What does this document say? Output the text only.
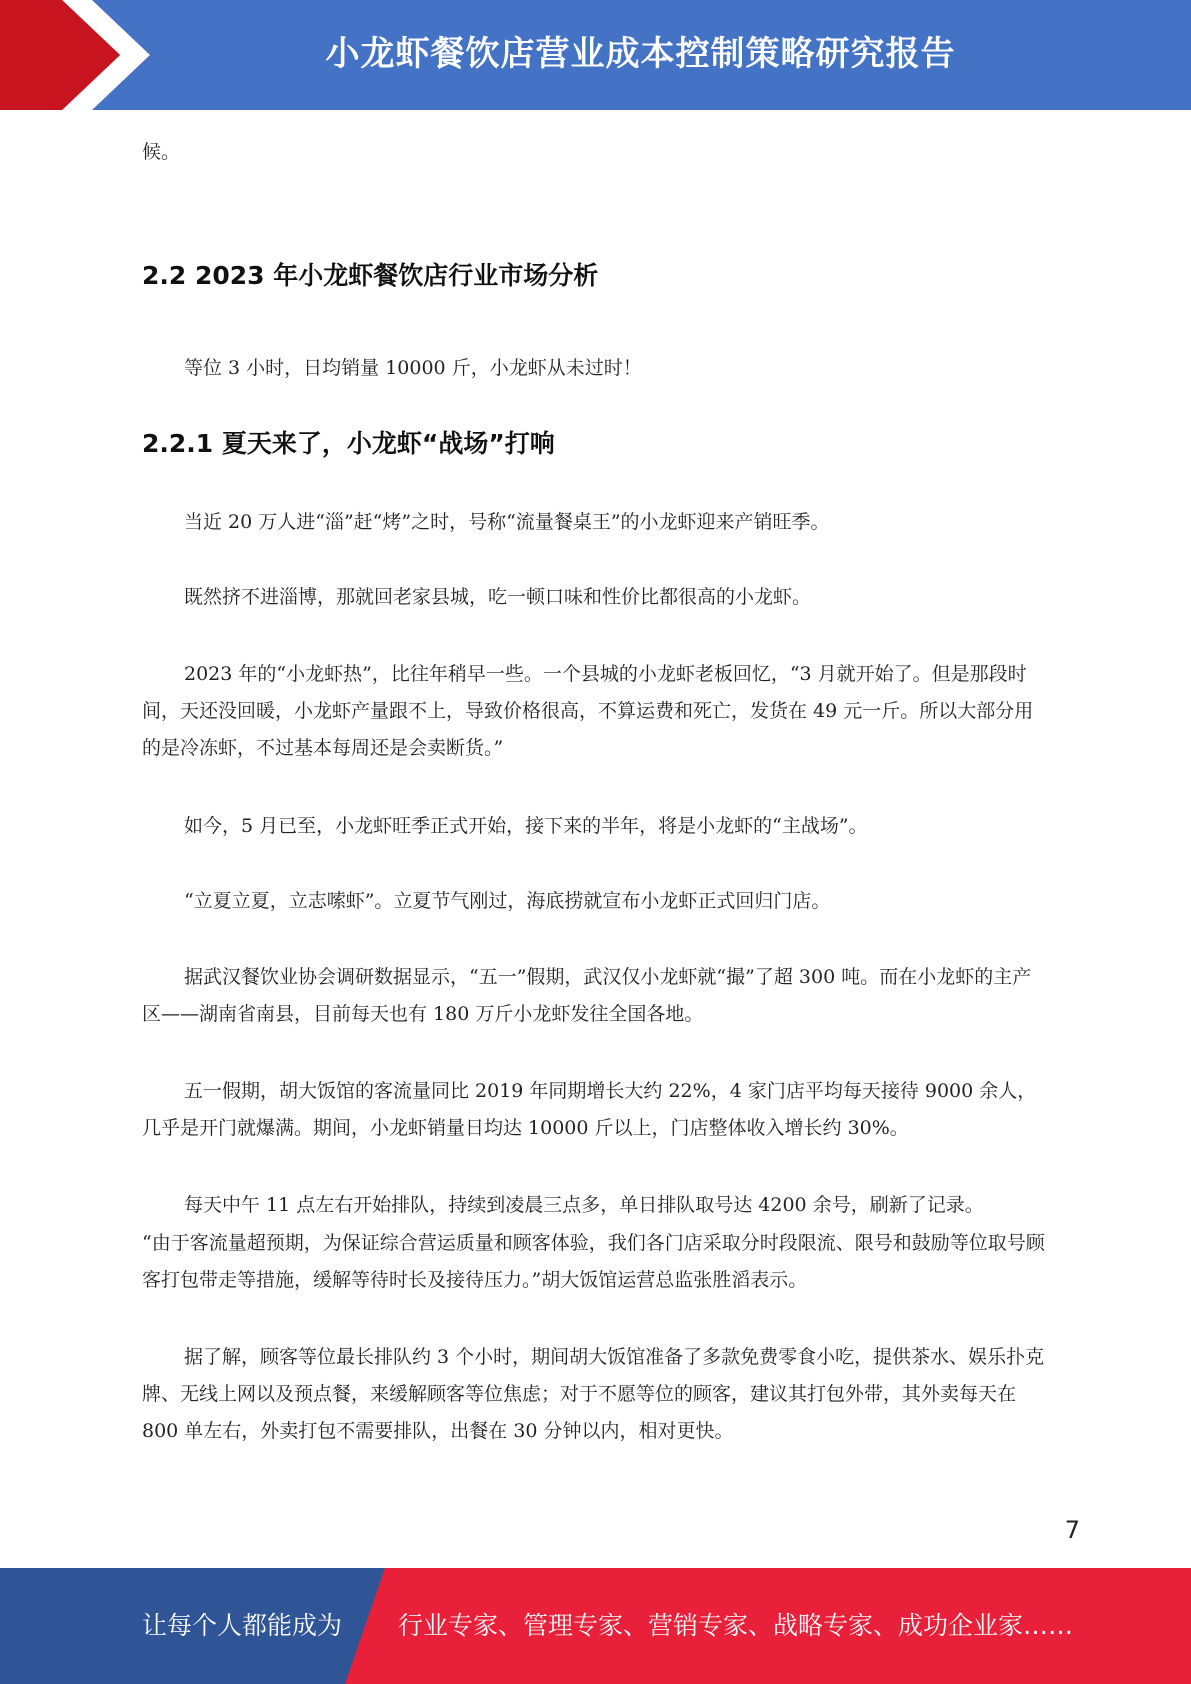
小龙虾餐饮店营业成本控制策略研究报告
候。
2.2 2023 年小龙虾餐饮店行业市场分析
等位 3 小时，日均销量 10000 斤，小龙虾从未过时！
2.2.1 夏天来了，小龙虾“战场”打响
当近 20 万人进“淄”赶“烤”之时，号称“流量餐桌王”的小龙虾迎来产销旺季。
既然挤不进淄博，那就回老家县城，吃一顿口味和性价比都很高的小龙虾。
2023 年的“小龙虾热”，比往年稍早一些。一个县城的小龙虾老板回忆，“3 月就开始了。但是那段时间，天还没回暖，小龙虾产量跟不上，导致价格很高，不算运费和死亡，发货在 49 元一斤。所以大部分用的是冷冻虾，不过基本每周还是会卖断货。”
如今，5 月已至，小龙虾旺季正式开始，接下来的半年，将是小龙虾的“主战场”。
“立夏立夏，立志嗦虾”。立夏节气刚过，海底捞就宣布小龙虾正式回归门店。
据武汉餐饮业协会调研数据显示，“五一”假期，武汉仅小龙虾就“撮”了超 300 吨。而在小龙虾的主产区——湖南省南县，目前每天也有 180 万斤小龙虾发往全国各地。
五一假期，胡大饭馆的客流量同比 2019 年同期增长大约 22%，4 家门店平均每天接待 9000 余人，几乎是开门就爆满。期间，小龙虾销量日均达 10000 斤以上，门店整体收入增长约 30%。
每天中午 11 点左右开始排队，持续到凌晨三点多，单日排队取号达 4200 余号，刷新了记录。
“由于客流量超预期，为保证综合营运质量和顾客体验，我们各门店采取分时段限流、限号和鼓励等位取号顾客打包带走等措施，缓解等待时长及接待压力。”胡大饭馆运营总监张胜滔表示。
据了解，顾客等位最长排队约 3 个小时，期间胡大饭馆准备了多款免费零食小吃，提供茶水、娱乐扑克牌、无线上网以及预点餐，来缓解顾客等位焦虑；对于不愿等位的顾客，建议其打包外带，其外卖每天在 800 单左右，外卖打包不需要排队，出餐在 30 分钟以内，相对更快。
7
让每个人都能成为 行业专家、管理专家、营销专家、战略专家、成功企业家……
